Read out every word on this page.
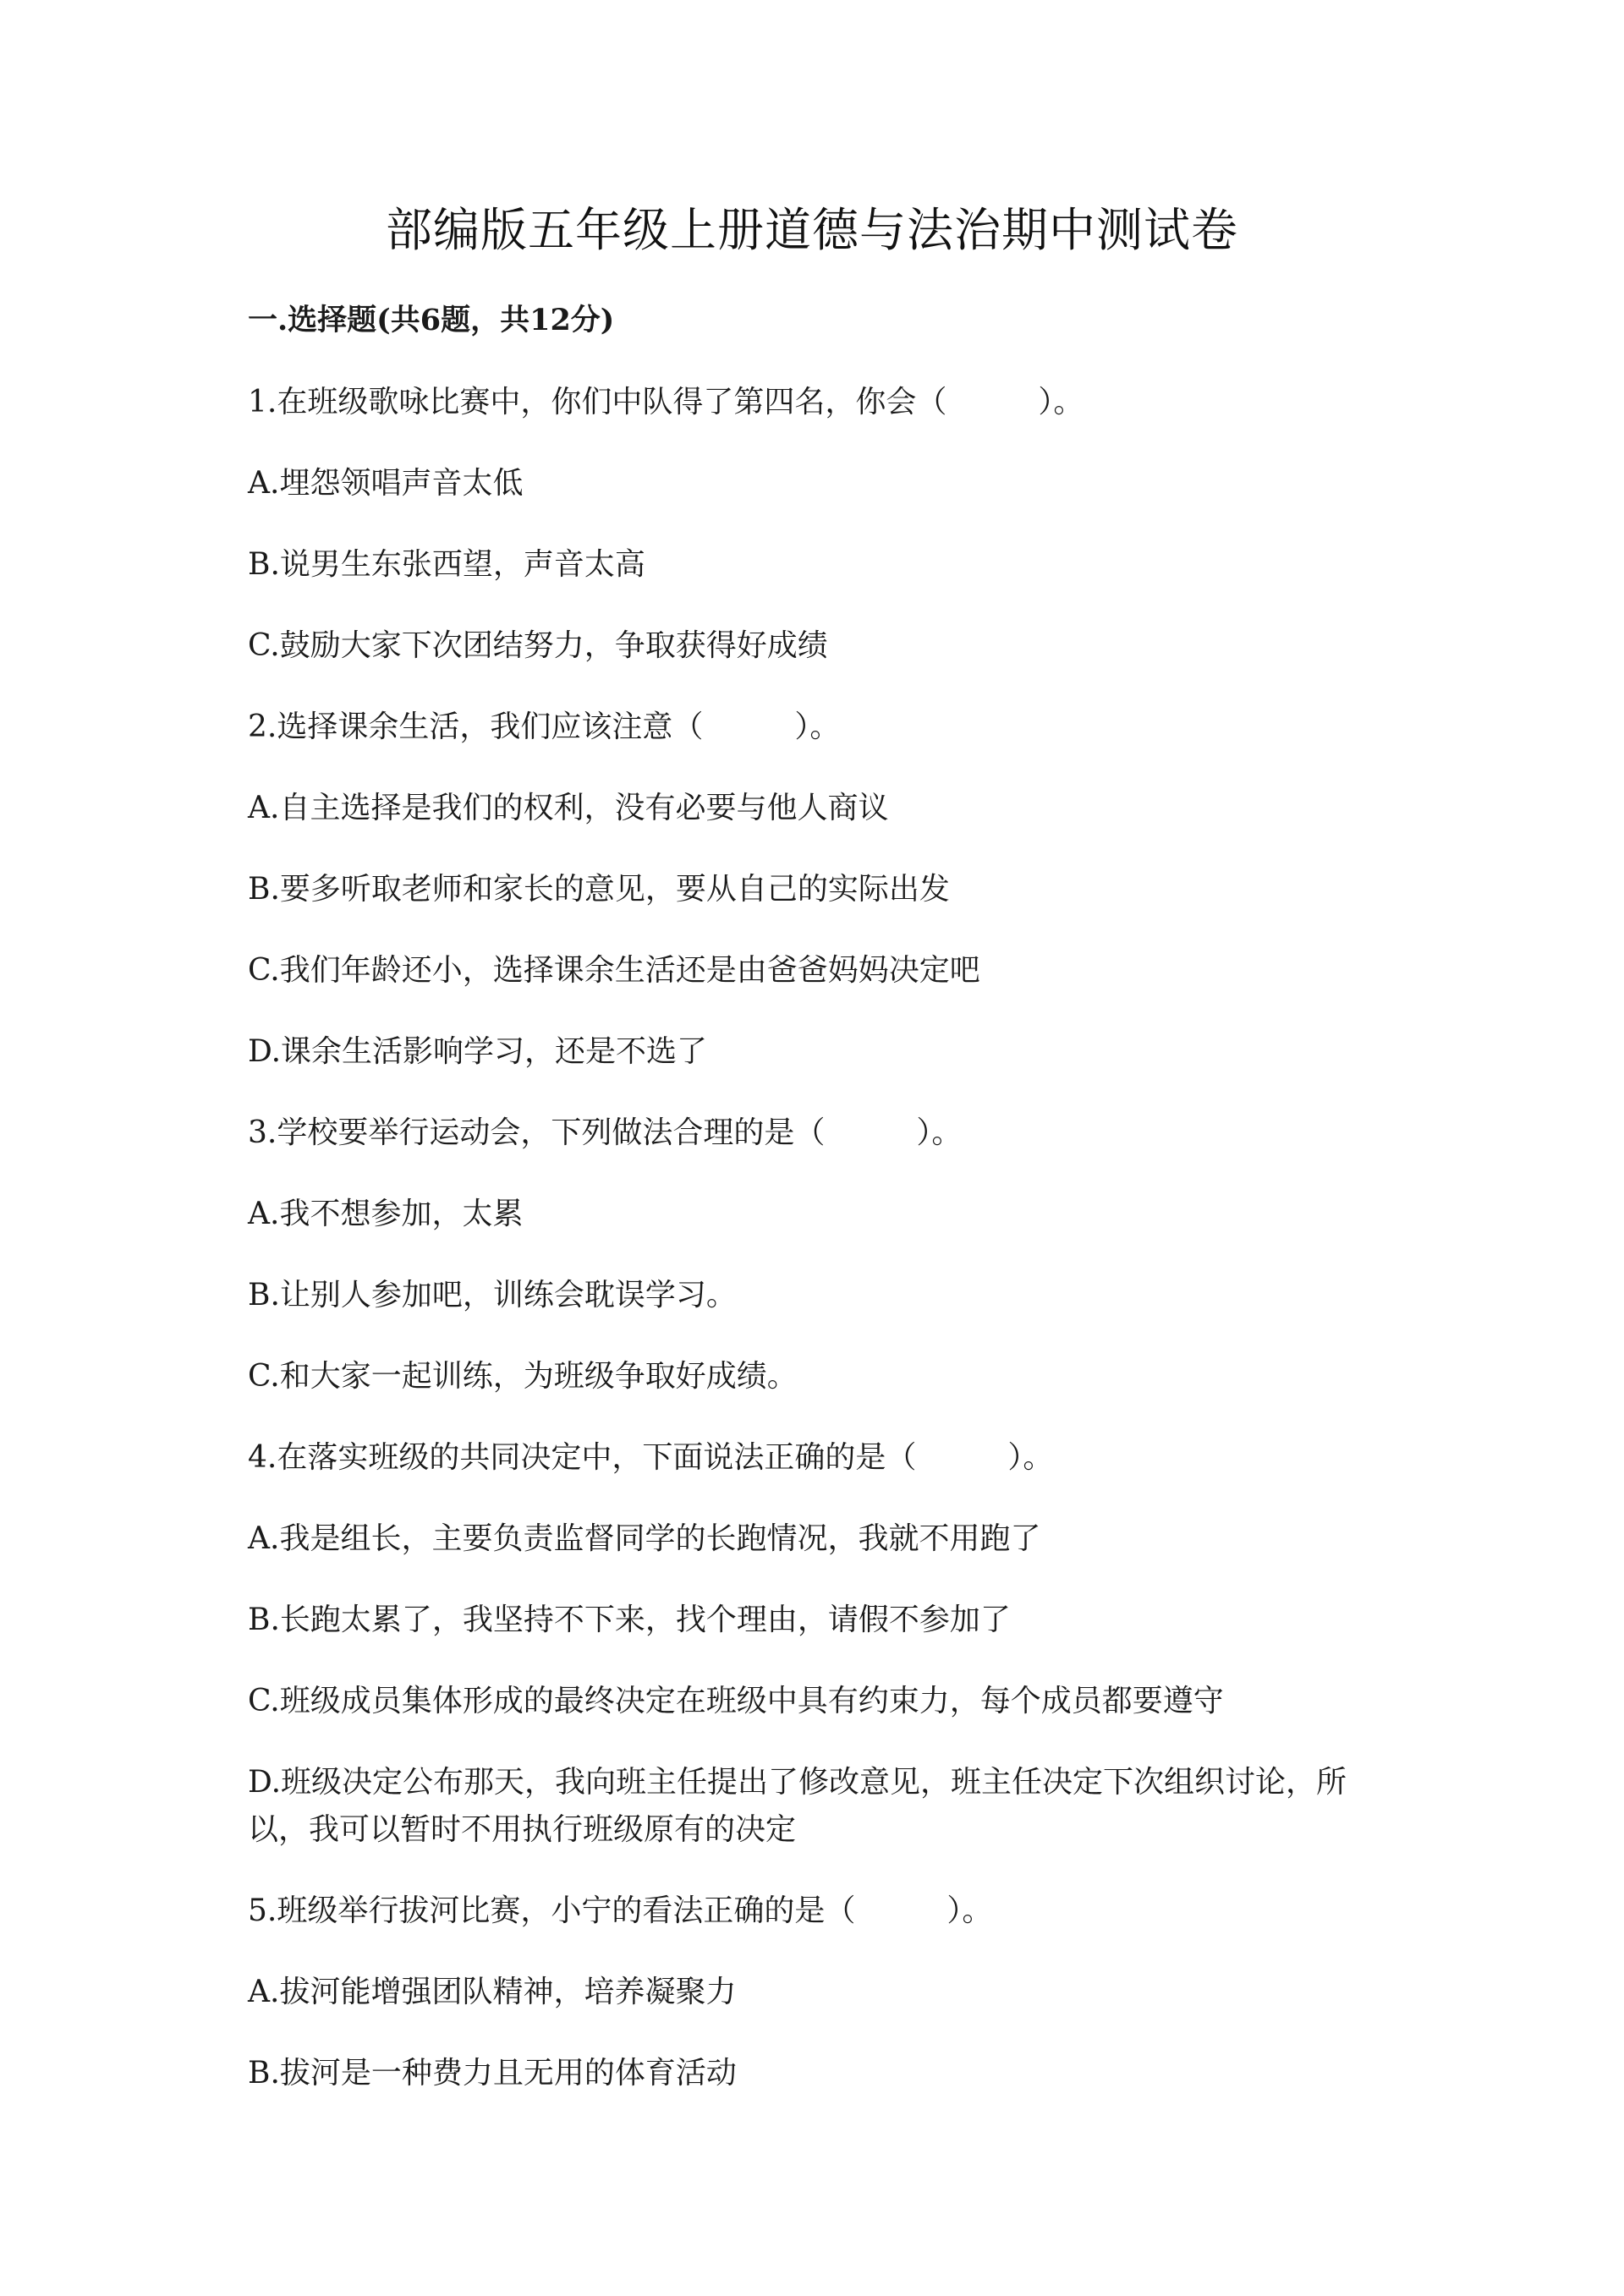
部编版五年级上册道德与法治期中测试卷
一.选择题(共6题，共12分)
1.在班级歌咏比赛中，你们中队得了第四名，你会（　　　）。
A.埋怨领唱声音太低
B.说男生东张西望，声音太高
C.鼓励大家下次团结努力，争取获得好成绩
2.选择课余生活，我们应该注意（　　　）。
A.自主选择是我们的权利，没有必要与他人商议
B.要多听取老师和家长的意见，要从自己的实际出发
C.我们年龄还小，选择课余生活还是由爸爸妈妈决定吧
D.课余生活影响学习，还是不选了
3.学校要举行运动会，下列做法合理的是（　　　）。
A.我不想参加，太累
B.让别人参加吧，训练会耽误学习。
C.和大家一起训练，为班级争取好成绩。
4.在落实班级的共同决定中，下面说法正确的是（　　　）。
A.我是组长，主要负责监督同学的长跑情况，我就不用跑了
B.长跑太累了，我坚持不下来，找个理由，请假不参加了
C.班级成员集体形成的最终决定在班级中具有约束力，每个成员都要遵守
D.班级决定公布那天，我向班主任提出了修改意见，班主任决定下次组织讨论，所以，我可以暂时不用执行班级原有的决定
5.班级举行拔河比赛，小宁的看法正确的是（　　　）。
A.拔河能增强团队精神，培养凝聚力
B.拔河是一种费力且无用的体育活动
